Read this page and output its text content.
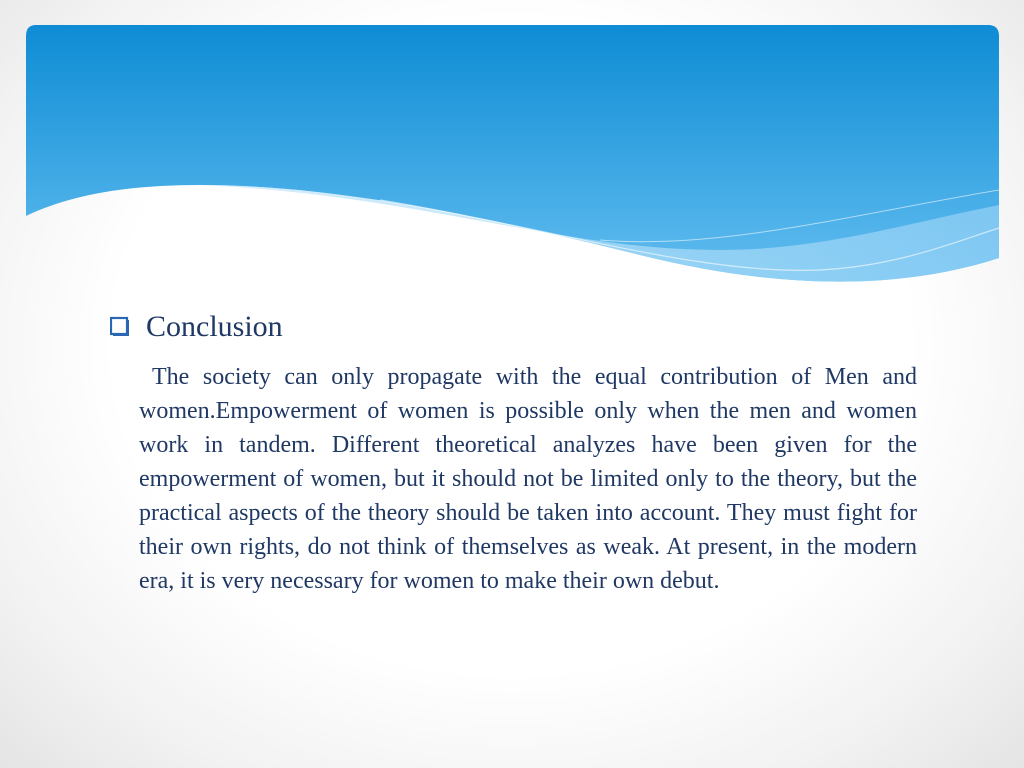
Conclusion

The society can only propagate with the equal contribution of Men and women.Empowerment of women is possible only when the men and women work in tandem. Different theoretical analyzes have been given for the empowerment of women, but it should not be limited only to the theory, but the practical aspects of the theory should be taken into account. They must fight for their own rights, do not think of themselves as weak. At present, in the modern era, it is very necessary for women to make their own debut.
